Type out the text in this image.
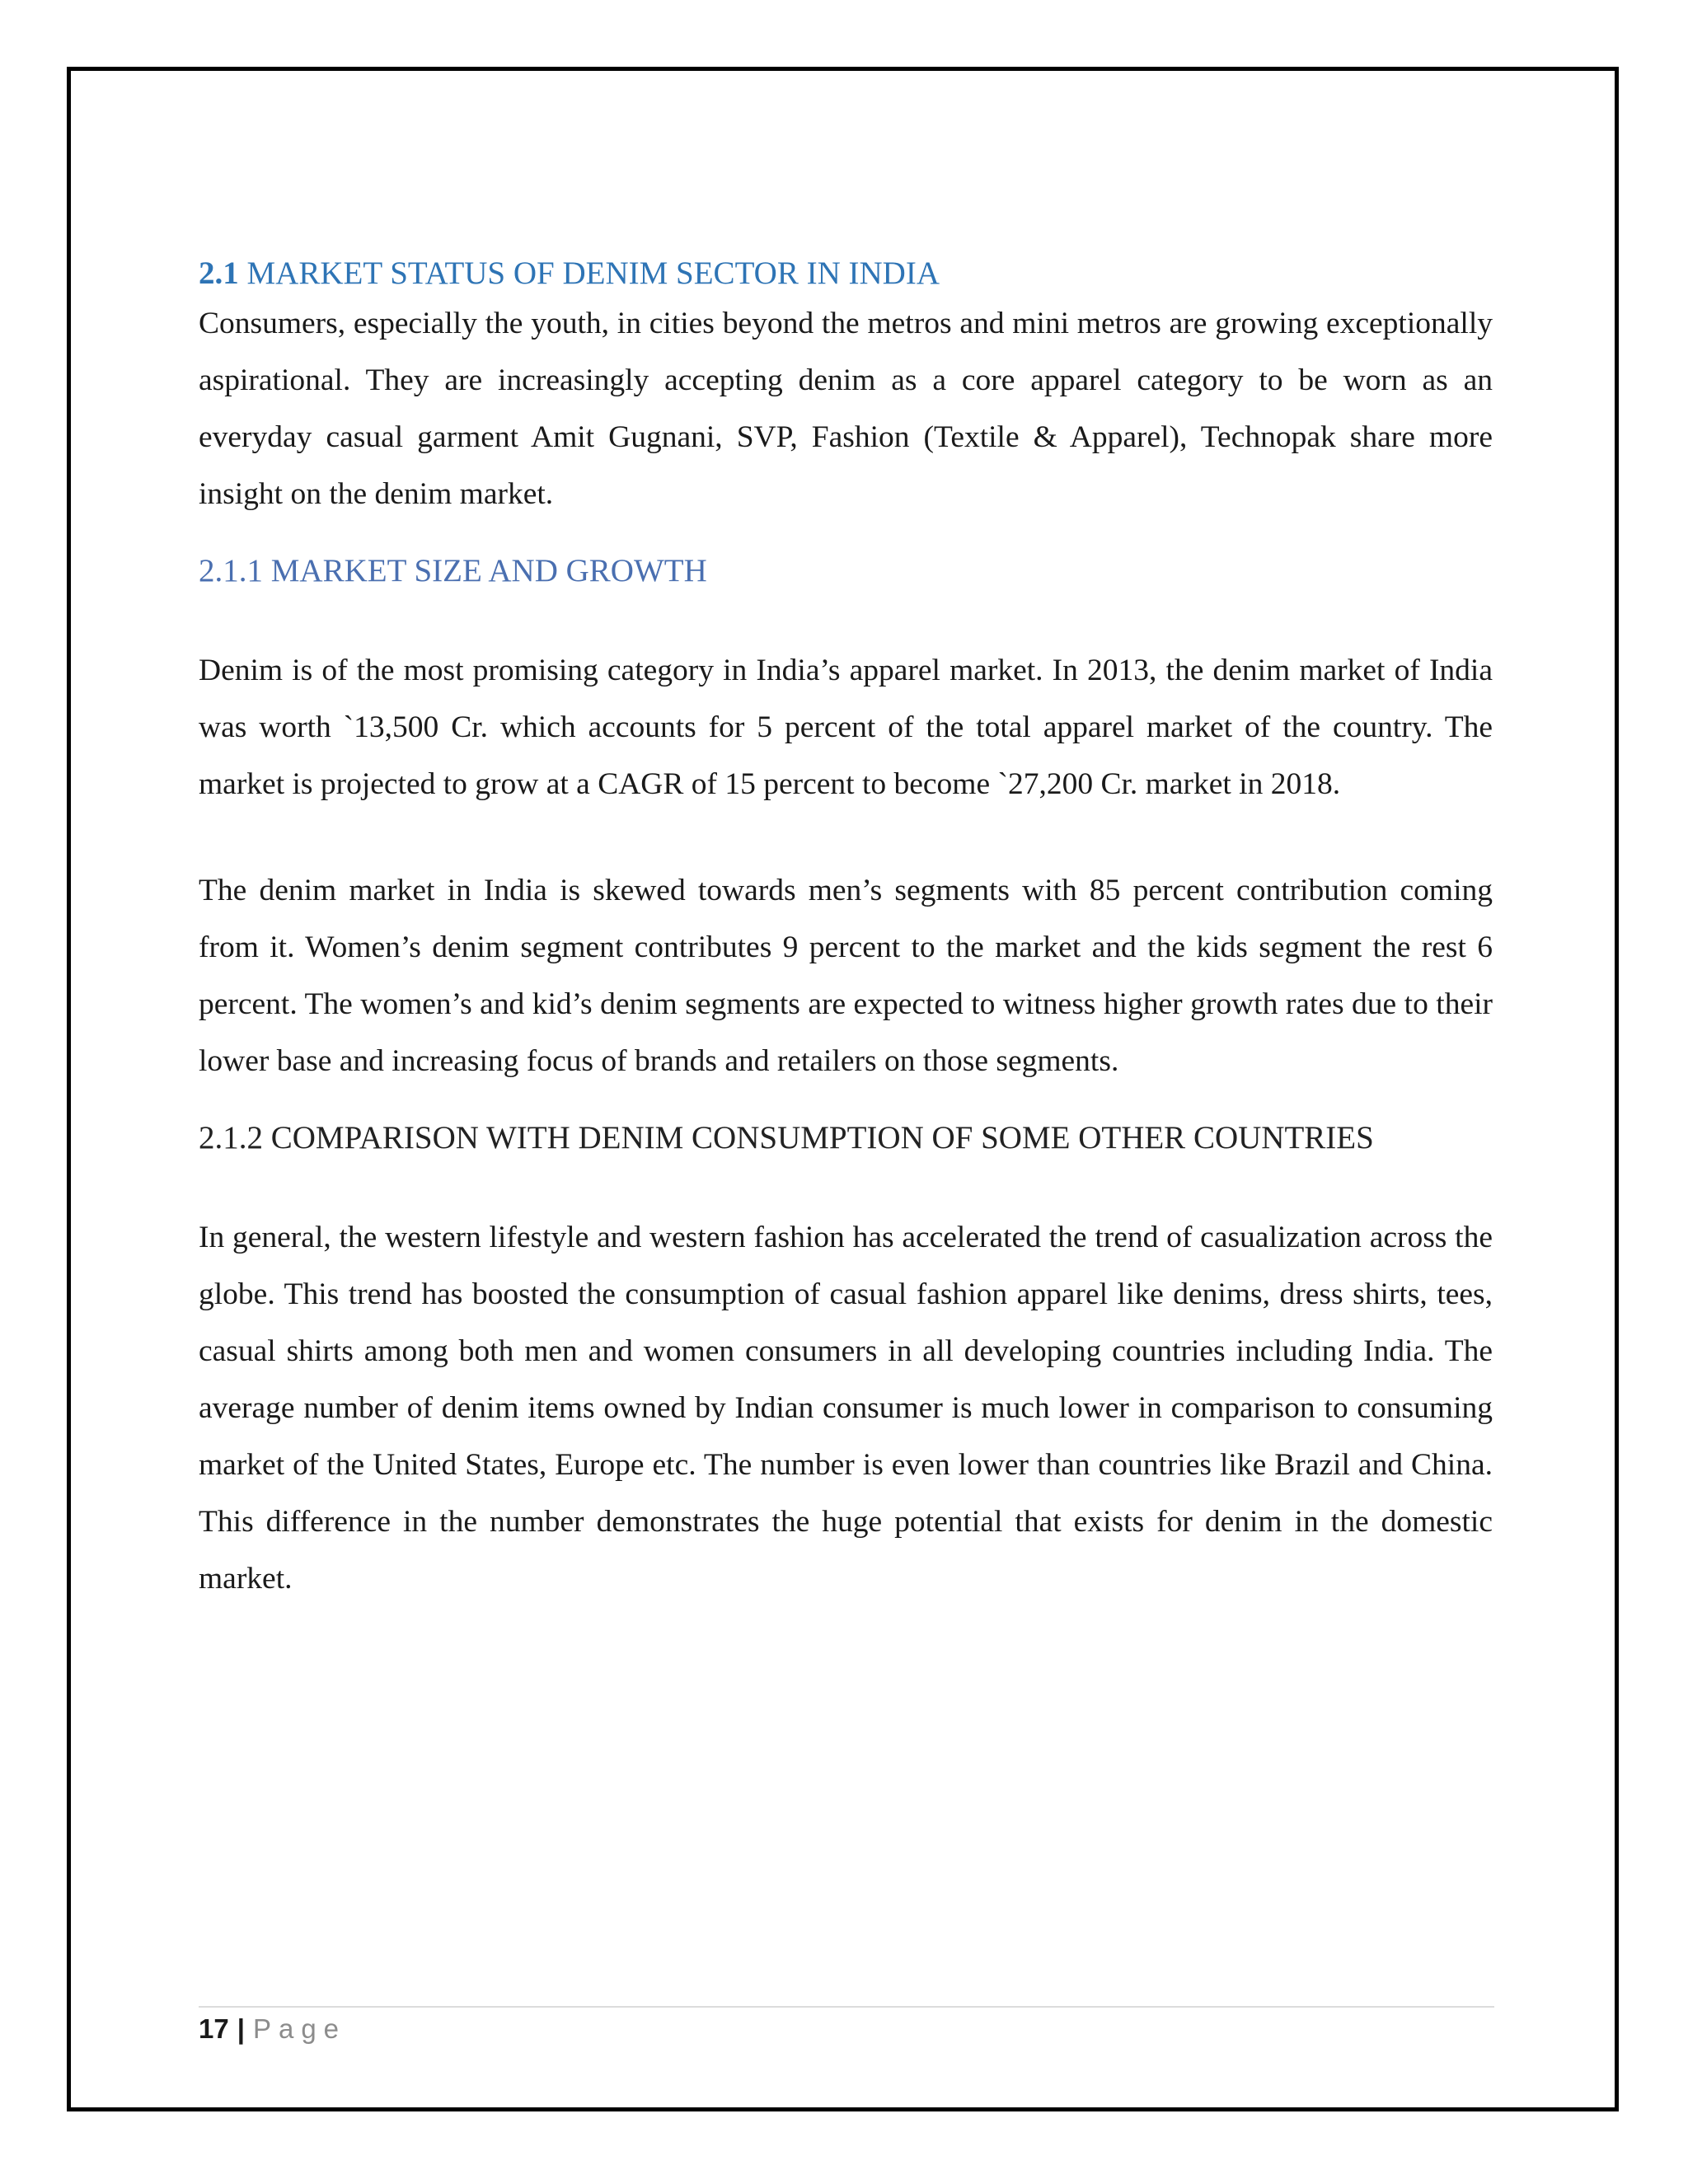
2.1 MARKET STATUS OF DENIM SECTOR IN INDIA

Consumers, especially the youth, in cities beyond the metros and mini metros are growing exceptionally aspirational. They are increasingly accepting denim as a core apparel category to be worn as an everyday casual garment Amit Gugnani, SVP, Fashion (Textile & Apparel), Technopak share more insight on the denim market.

2.1.1 MARKET SIZE AND GROWTH

Denim is of the most promising category in India’s apparel market. In 2013, the denim market of India was worth `13,500 Cr. which accounts for 5 percent of the total apparel market of the country. The market is projected to grow at a CAGR of 15 percent to become `27,200 Cr. market in 2018.

The denim market in India is skewed towards men’s segments with 85 percent contribution coming from it. Women’s denim segment contributes 9 percent to the market and the kids segment the rest 6 percent. The women’s and kid’s denim segments are expected to witness higher growth rates due to their lower base and increasing focus of brands and retailers on those segments.

2.1.2 COMPARISON WITH DENIM CONSUMPTION OF SOME OTHER COUNTRIES

In general, the western lifestyle and western fashion has accelerated the trend of casualization across the globe. This trend has boosted the consumption of casual fashion apparel like denims, dress shirts, tees, casual shirts among both men and women consumers in all developing countries including India. The average number of denim items owned by Indian consumer is much lower in comparison to consuming market of the United States, Europe etc. The number is even lower than countries like Brazil and China. This difference in the number demonstrates the huge potential that exists for denim in the domestic market.

17 | Page
